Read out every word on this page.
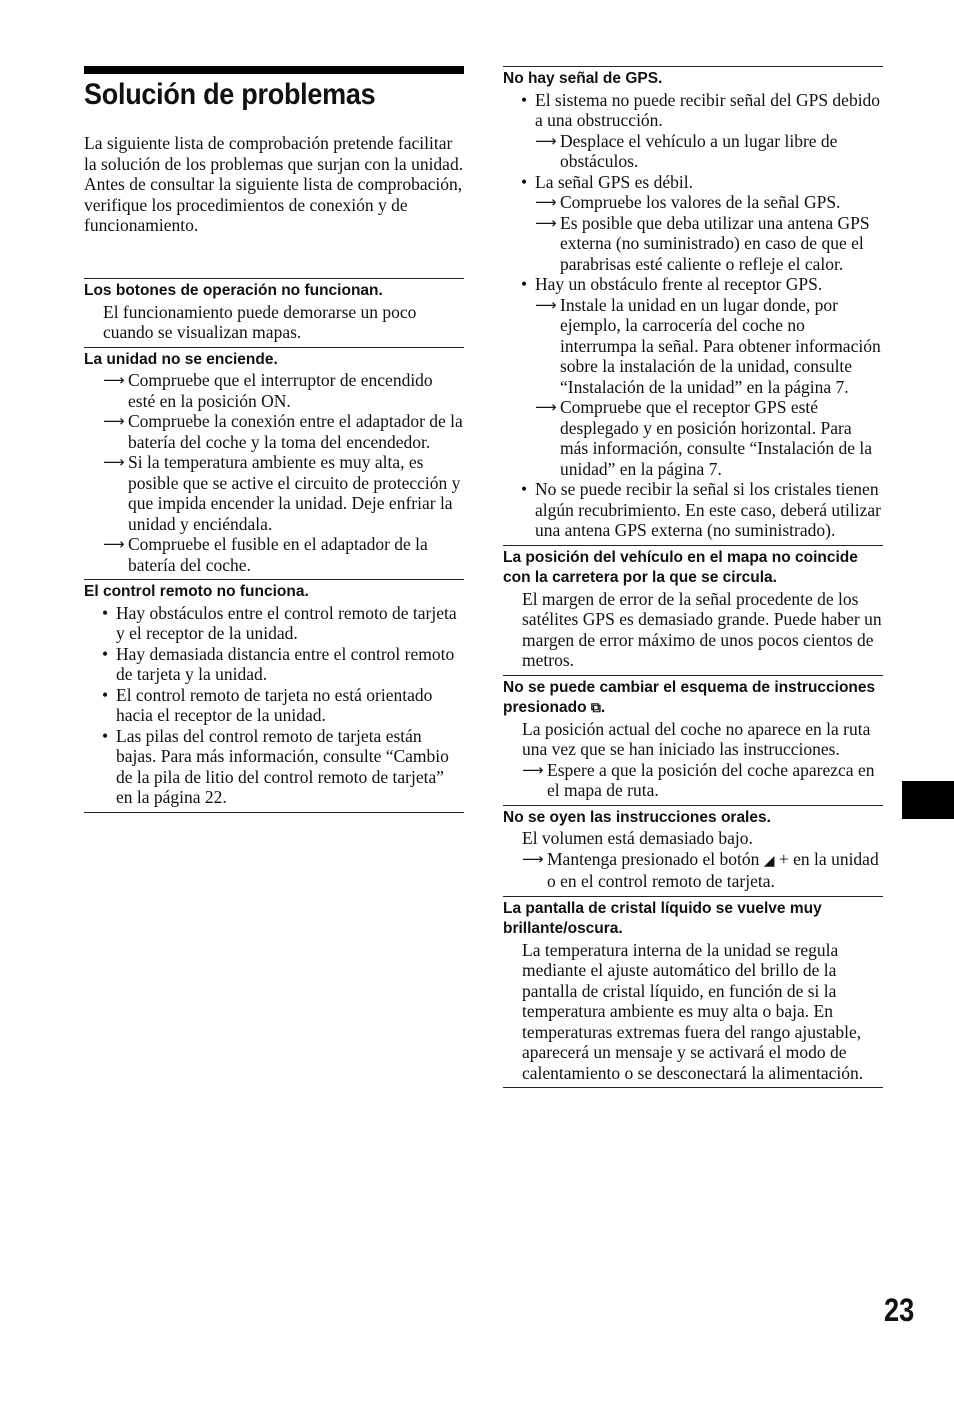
Solución de problemas

La siguiente lista de comprobación pretende facilitar la solución de los problemas que surjan con la unidad.

Antes de consultar la siguiente lista de comprobación, verifique los procedimientos de conexión y de funcionamiento.

Los botones de operación no funcionan.

El funcionamiento puede demorarse un poco cuando se visualizan mapas.

La unidad no se enciende.

⟶ Compruebe que el interruptor de encendido esté en la posición ON.

⟶ Compruebe la conexión entre el adaptador de la batería del coche y la toma del encendedor.

⟶ Si la temperatura ambiente es muy alta, es posible que se active el circuito de protección y que impida encender la unidad. Deje enfriar la unidad y enciéndala.

⟶ Compruebe el fusible en el adaptador de la batería del coche.

El control remoto no funciona.

• Hay obstáculos entre el control remoto de tarjeta y el receptor de la unidad.

• Hay demasiada distancia entre el control remoto de tarjeta y la unidad.

• El control remoto de tarjeta no está orientado hacia el receptor de la unidad.

• Las pilas del control remoto de tarjeta están bajas. Para más información, consulte “Cambio de la pila de litio del control remoto de tarjeta” en la página 22.

No hay señal de GPS.

• El sistema no puede recibir señal del GPS debido a una obstrucción.

⟶ Desplace el vehículo a un lugar libre de obstáculos.

• La señal GPS es débil.

⟶ Compruebe los valores de la señal GPS.

⟶ Es posible que deba utilizar una antena GPS externa (no suministrado) en caso de que el parabrisas esté caliente o refleje el calor.

• Hay un obstáculo frente al receptor GPS.

⟶ Instale la unidad en un lugar donde, por ejemplo, la carrocería del coche no interrumpa la señal. Para obtener información sobre la instalación de la unidad, consulte “Instalación de la unidad” en la página 7.

⟶ Compruebe que el receptor GPS esté desplegado y en posición horizontal. Para más información, consulte “Instalación de la unidad” en la página 7.

• No se puede recibir la señal si los cristales tienen algún recubrimiento. En este caso, deberá utilizar una antena GPS externa (no suministrado).

La posición del vehículo en el mapa no coincide con la carretera por la que se circula.

El margen de error de la señal procedente de los satélites GPS es demasiado grande. Puede haber un margen de error máximo de unos pocos cientos de metros.

No se puede cambiar el esquema de instrucciones presionado ⧉.

La posición actual del coche no aparece en la ruta una vez que se han iniciado las instrucciones.

⟶ Espere a que la posición del coche aparezca en el mapa de ruta.

No se oyen las instrucciones orales.

El volumen está demasiado bajo.

⟶ Mantenga presionado el botón ◢ + en la unidad o en el control remoto de tarjeta.

La pantalla de cristal líquido se vuelve muy brillante/oscura.

La temperatura interna de la unidad se regula mediante el ajuste automático del brillo de la pantalla de cristal líquido, en función de si la temperatura ambiente es muy alta o baja. En temperaturas extremas fuera del rango ajustable, aparecerá un mensaje y se activará el modo de calentamiento o se desconectará la alimentación.

23
